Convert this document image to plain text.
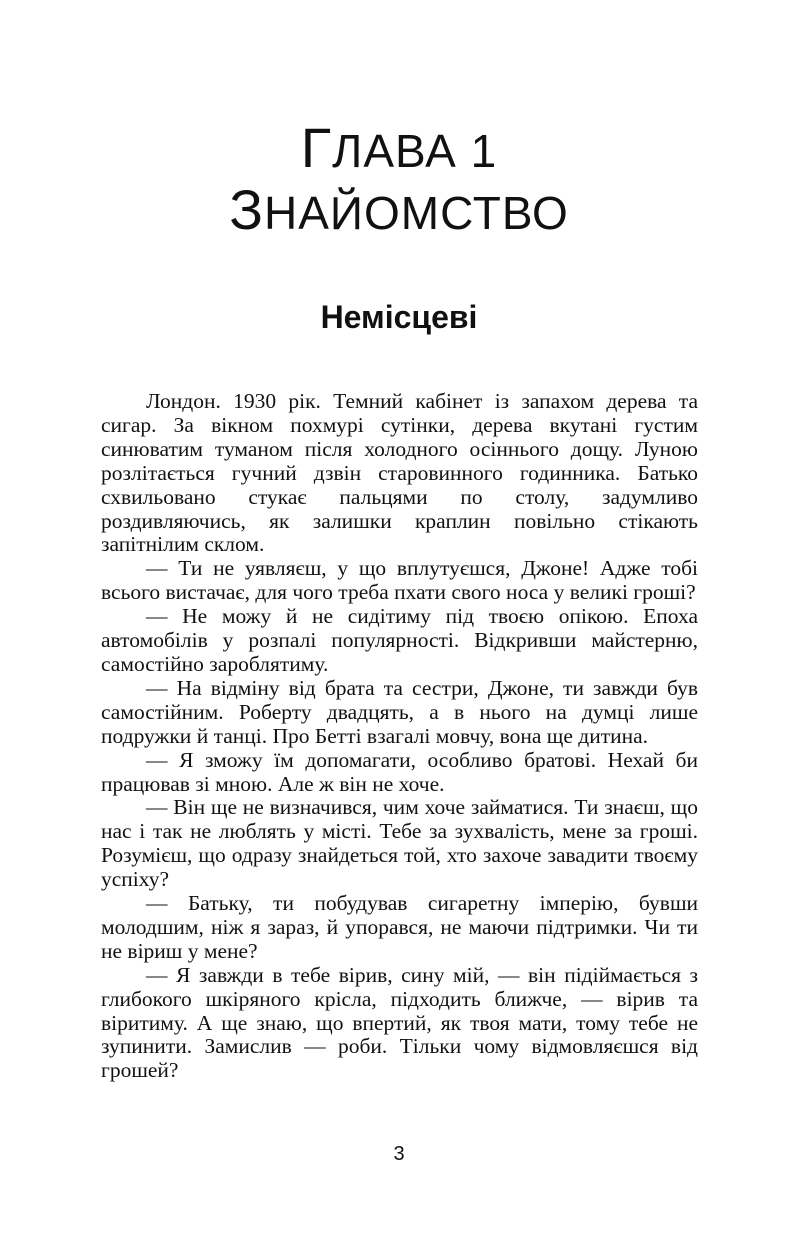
ГЛАВА 1
ЗНАЙОМСТВО
Немісцеві

Лондон. 1930 рік. Темний кабінет із запахом дерева та сигар. За вікном похмурі сутінки, дерева вкутані густим синюватим туманом після холодного осіннього дощу. Луною розлітається гучний дзвін старовинного годинника. Батько схвильовано стукає пальцями по столу, задумливо роздивляючись, як залишки краплин повільно стікають запітнілим склом.

— Ти не уявляєш, у що вплутуєшся, Джоне! Адже тобі всього вистачає, для чого треба пхати свого носа у великі гроші?

— Не можу й не сидітиму під твоєю опікою. Епоха автомобілів у розпалі популярності. Відкривши майстерню, самостійно зароблятиму.

— На відміну від брата та сестри, Джоне, ти завжди був самостійним. Роберту двадцять, а в нього на думці лише подружки й танці. Про Бетті взагалі мовчу, вона ще дитина.

— Я зможу їм допомагати, особливо братові. Нехай би працював зі мною. Але ж він не хоче.

— Він ще не визначився, чим хоче займатися. Ти знаєш, що нас і так не люблять у місті. Тебе за зухвалість, мене за гроші. Розумієш, що одразу знайдеться той, хто захоче завадити твоєму успіху?

— Батьку, ти побудував сигаретну імперію, бувши молодшим, ніж я зараз, й упорався, не маючи підтримки. Чи ти не віриш у мене?

— Я завжди в тебе вірив, сину мій, — він підіймається з глибокого шкіряного крісла, підходить ближче, — вірив та віритиму. А ще знаю, що впертий, як твоя мати, тому тебе не зупинити. Замислив — роби. Тільки чому відмовляєшся від грошей?

3
